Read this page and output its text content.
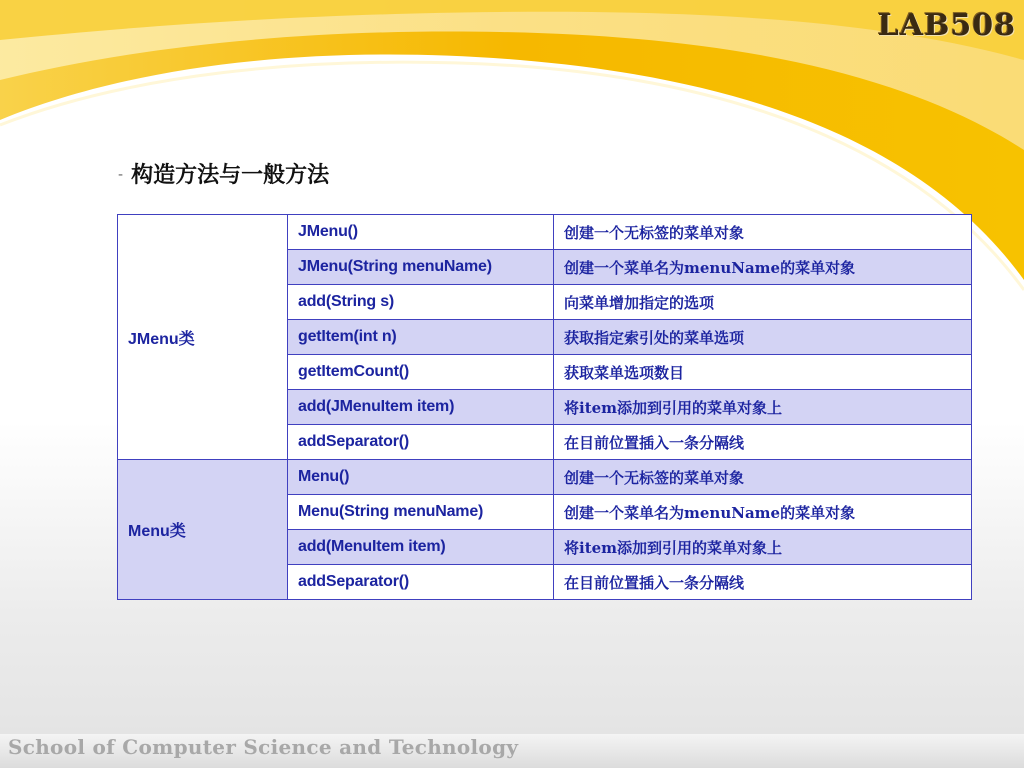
LAB508
- 构造方法与一般方法
JMenu类	JMenu()	创建一个无标签的菜单对象
	JMenu(String menuName)	创建一个菜单名为menuName的菜单对象
	add(String s)	向菜单增加指定的选项
	getItem(int n)	获取指定索引处的菜单选项
	getItemCount()	获取菜单选项数目
	add(JMenuItem item)	将item添加到引用的菜单对象上
	addSeparator()	在目前位置插入一条分隔线
Menu类	Menu()	创建一个无标签的菜单对象
	Menu(String menuName)	创建一个菜单名为menuName的菜单对象
	add(MenuItem item)	将item添加到引用的菜单对象上
	addSeparator()	在目前位置插入一条分隔线
School of Computer Science and Technology
